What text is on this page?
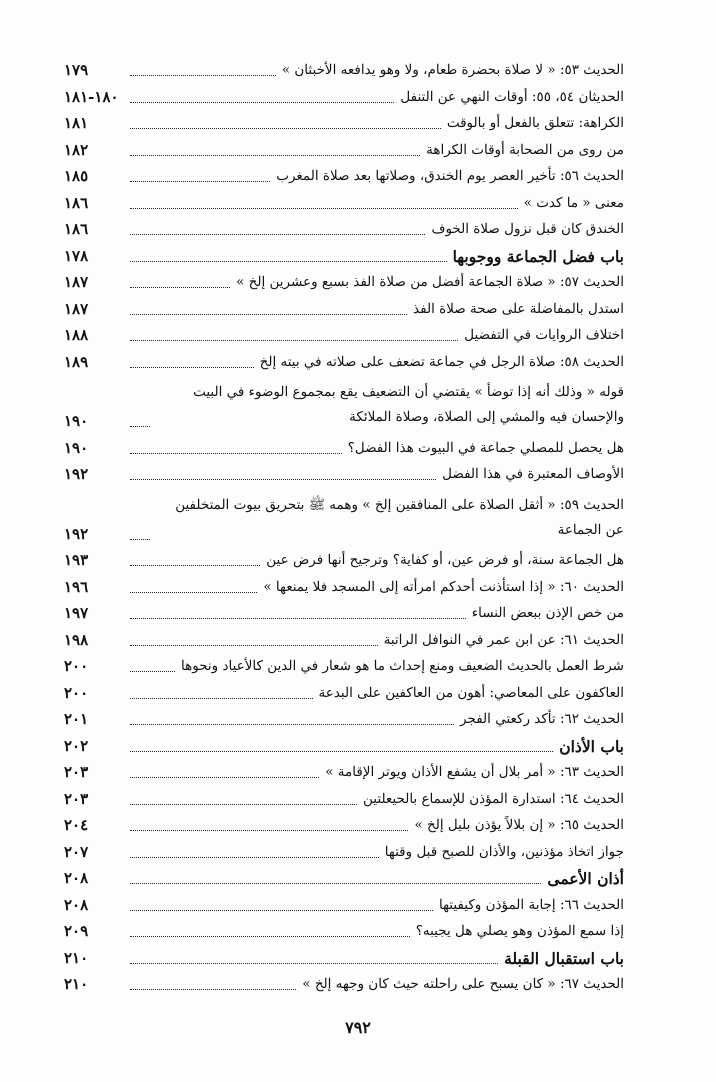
الحديث ٥٣: « لا صلاة بحضرة طعام، ولا وهو يدافعه الأخبثان »
١٧٩
الحديثان ٥٤، ٥٥: أوقات النهي عن التنفل
١٨٠-١٨١
الكراهة: تتعلق بالفعل أو بالوقت
١٨١
من روى من الصحابة أوقات الكراهة
١٨٢
الحديث ٥٦: تأخير العصر يوم الخندق، وصلاتها بعد صلاة المغرب
١٨٥
معنى « ما كدت »
١٨٦
الخندق كان قبل نزول صلاة الخوف
١٨٦
باب فضل الجماعة ووجوبها
١٧٨
الحديث ٥٧: « صلاة الجماعة أفضل من صلاة الفذ بسبع وعشرين إلخ »
١٨٧
استدل بالمفاضلة على صحة صلاة الفذ
١٨٧
اختلاف الروايات في التفضيل
١٨٨
الحديث ٥٨: صلاة الرجل في جماعة تضعف على صلاته في بيته إلخ
١٨٩
قوله « وذلك أنه إذا توضأ » يقتضي أن التضعيف يقع بمجموع الوضوء في البيت والإحسان فيه والمشي إلى الصلاة، وصلاة الملائكة
١٩٠
هل يحصل للمصلي جماعة في البيوت هذا الفضل؟
١٩٠
الأوصاف المعتبرة في هذا الفضل
١٩٢
الحديث ٥٩: « أثقل الصلاة على المنافقين إلخ » وهمه ﷺ بتحريق بيوت المتخلفين عن الجماعة
١٩٢
هل الجماعة سنة، أو فرض عين، أو كفاية؟ وترجيح أنها فرض عين
١٩٣
الحديث ٦٠: « إذا استأذنت أحدكم امرأته إلى المسجد فلا يمنعها »
١٩٦
من خص الإذن ببعض النساء
١٩٧
الحديث ٦١: عن ابن عمر في النوافل الراتبة
١٩٨
شرط العمل بالحديث الضعيف ومنع إحداث ما هو شعار في الدين كالأعياد ونحوها
٢٠٠
العاكفون على المعاصي: أهون من العاكفين على البدعة
٢٠٠
الحديث ٦٢: تأكد ركعتي الفجر
٢٠١
باب الأذان
٢٠٢
الحديث ٦٣: « أمر بلال أن يشفع الأذان ويوتر الإقامة »
٢٠٣
الحديث ٦٤: استدارة المؤذن للإسماع بالحيعلتين
٢٠٣
الحديث ٦٥: « إن بلالاً يؤذن بليل إلخ »
٢٠٤
جواز اتخاذ مؤذنين، والأذان للصبح قبل وقتها
٢٠٧
أذان الأعمى
٢٠٨
الحديث ٦٦: إجابة المؤذن وكيفيتها
٢٠٨
إذا سمع المؤذن وهو يصلي هل يجيبه؟
٢٠٩
باب استقبال القبلة
٢١٠
الحديث ٦٧: « كان يسبح على راحلته حيث كان وجهه إلخ »
٢١٠
٧٩٢
